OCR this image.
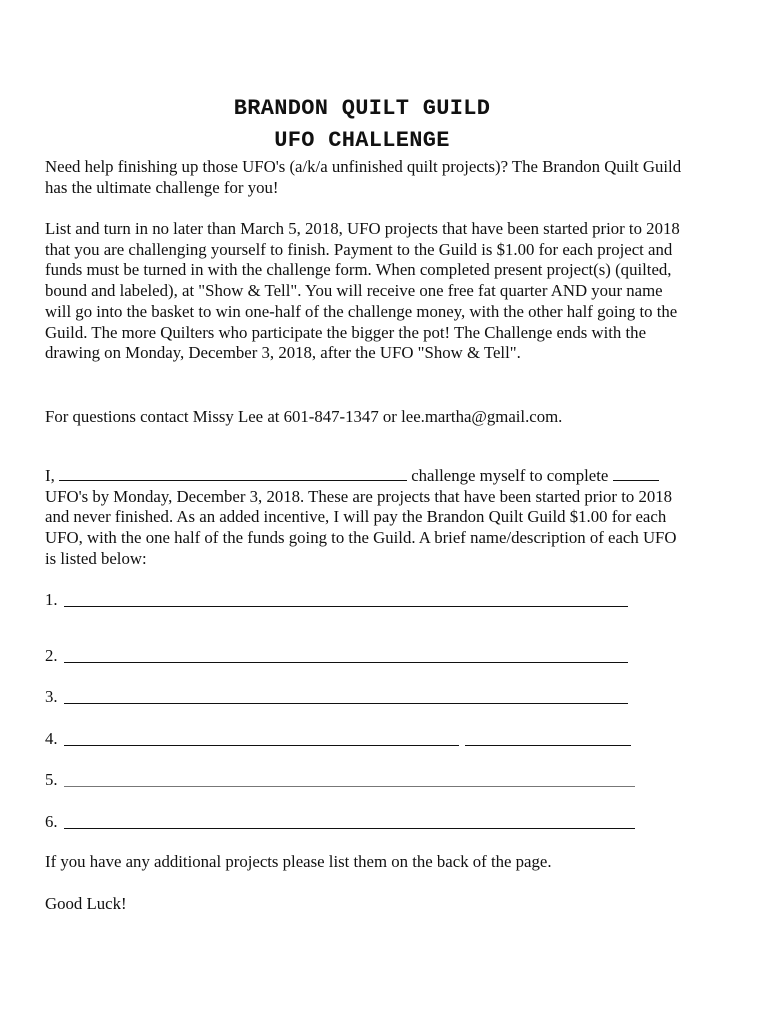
BRANDON QUILT GUILD
UFO CHALLENGE

Need help finishing up those UFO's (a/k/a unfinished quilt projects)? The Brandon Quilt Guild has the ultimate challenge for you!

List and turn in no later than March 5, 2018, UFO projects that have been started prior to 2018 that you are challenging yourself to finish. Payment to the Guild is $1.00 for each project and funds must be turned in with the challenge form. When completed present project(s) (quilted, bound and labeled), at "Show & Tell". You will receive one free fat quarter AND your name will go into the basket to win one-half of the challenge money, with the other half going to the Guild. The more Quilters who participate the bigger the pot! The Challenge ends with the drawing on Monday, December 3, 2018, after the UFO "Show & Tell".

For questions contact Missy Lee at 601-847-1347 or lee.martha@gmail.com.

I,	challenge myself to complete  UFO's by Monday, December 3, 2018. These are projects that have been started prior to 2018 and never finished. As an added incentive, I will pay the Brandon Quilt Guild $1.00 for each UFO, with the one half of the funds going to the Guild. A brief name/description of each UFO is listed below:

1.
2.
3.
4.
5.
6.

If you have any additional projects please list them on the back of the page.

Good Luck!
